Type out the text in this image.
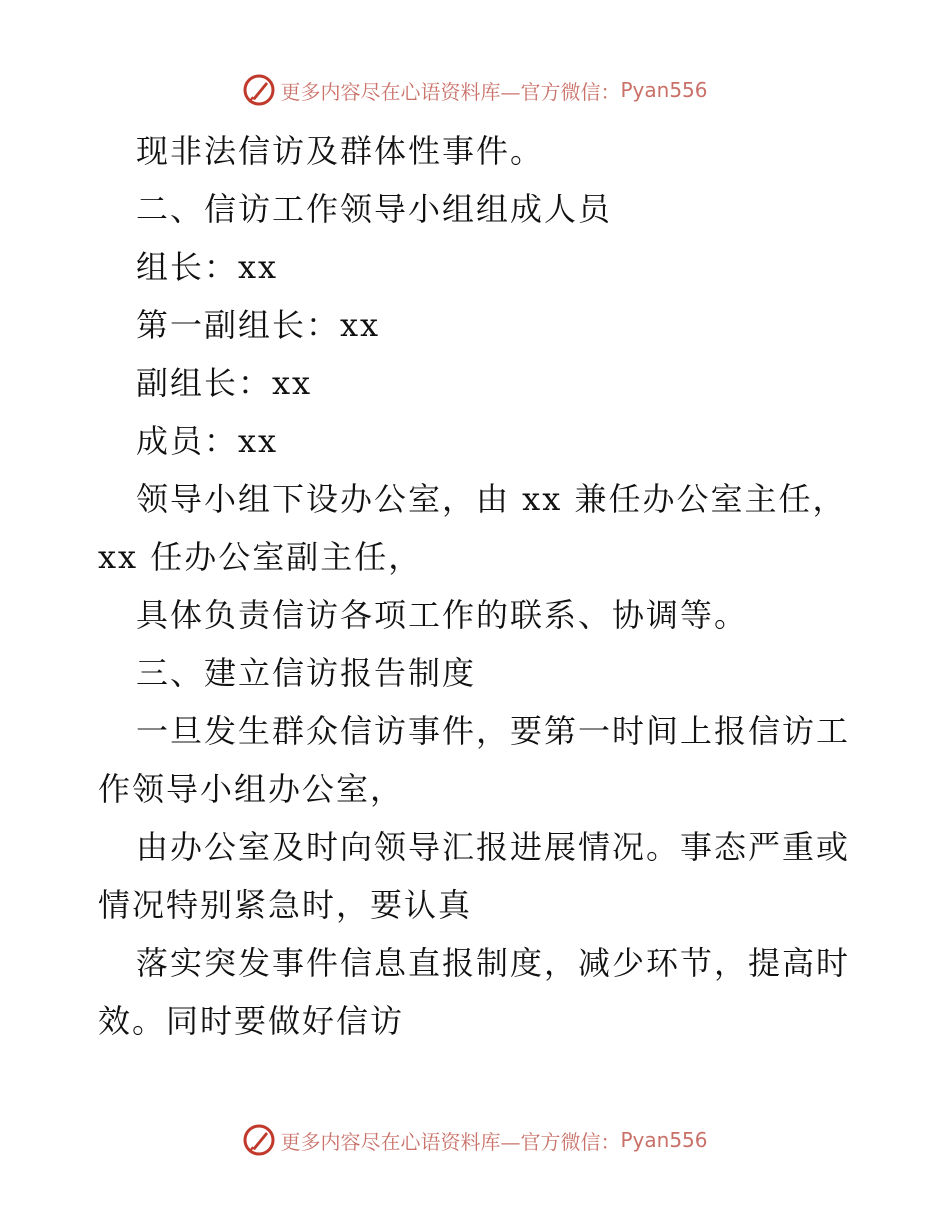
更多内容尽在心语资料库—官方微信： Pyan556
现非法信访及群体性事件。
二、信访工作领导小组组成人员
组长：xx
第一副组长：xx
副组长：xx
成员：xx
领导小组下设办公室，由 xx 兼任办公室主任，
xx 任办公室副主任，
具体负责信访各项工作的联系、协调等。
三、建立信访报告制度
一旦发生群众信访事件，要第一时间上报信访工
作领导小组办公室，
由办公室及时向领导汇报进展情况。事态严重或
情况特别紧急时，要认真
落实突发事件信息直报制度，减少环节，提高时
效。同时要做好信访
更多内容尽在心语资料库—官方微信： Pyan556
